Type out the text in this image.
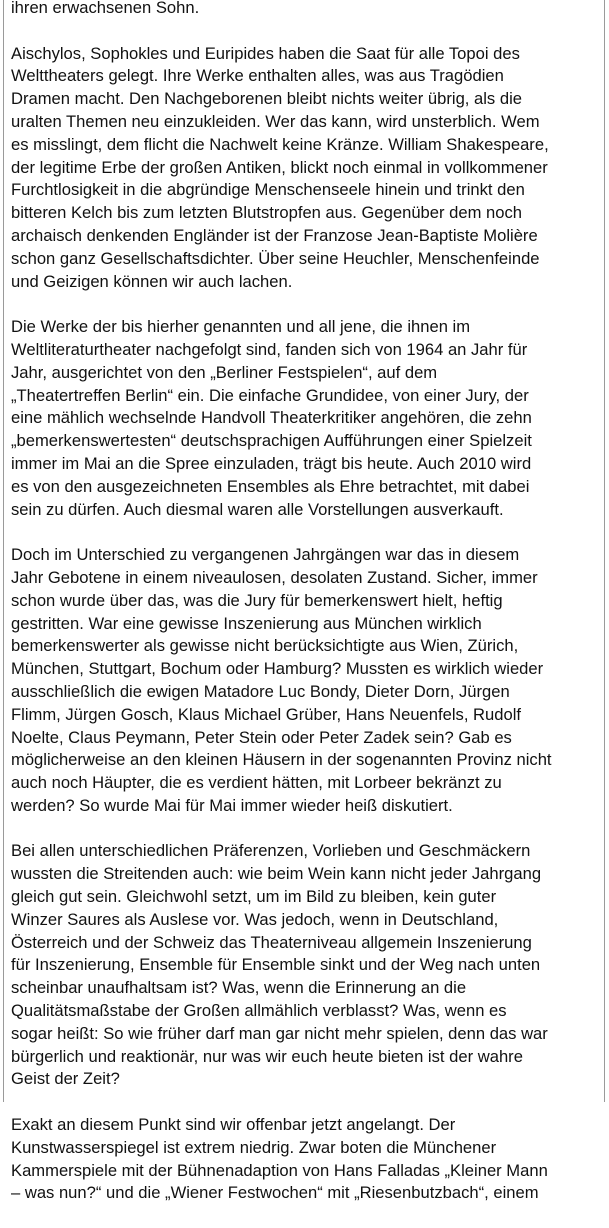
ihren erwachsenen Sohn.

Aischylos, Sophokles und Euripides haben die Saat für alle Topoi des
Welttheaters gelegt. Ihre Werke enthalten alles, was aus Tragödien
Dramen macht. Den Nachgeborenen bleibt nichts weiter übrig, als die
uralten Themen neu einzukleiden. Wer das kann, wird unsterblich. Wem
es misslingt, dem flicht die Nachwelt keine Kränze. William Shakespeare,
der legitime Erbe der großen Antiken, blickt noch einmal in vollkommener
Furchtlosigkeit in die abgründige Menschenseele hinein und trinkt den
bitteren Kelch bis zum letzten Blutstropfen aus. Gegenüber dem noch
archaisch denkenden Engländer ist der Franzose Jean-Baptiste Molière
schon ganz Gesellschaftsdichter. Über seine Heuchler, Menschenfeinde
und Geizigen können wir auch lachen.

Die Werke der bis hierher genannten und all jene, die ihnen im
Weltliteraturtheater nachgefolgt sind, fanden sich von 1964 an Jahr für
Jahr, ausgerichtet von den „Berliner Festspielen“, auf dem
„Theatertreffen Berlin“ ein. Die einfache Grundidee, von einer Jury, der
eine mählich wechselnde Handvoll Theaterkritiker angehören, die zehn
„bemerkenswertesten“ deutschsprachigen Aufführungen einer Spielzeit
immer im Mai an die Spree einzuladen, trägt bis heute. Auch 2010 wird
es von den ausgezeichneten Ensembles als Ehre betrachtet, mit dabei
sein zu dürfen. Auch diesmal waren alle Vorstellungen ausverkauft.

Doch im Unterschied zu vergangenen Jahrgängen war das in diesem
Jahr Gebotene in einem niveaulosen, desolaten Zustand. Sicher, immer
schon wurde über das, was die Jury für bemerkenswert hielt, heftig
gestritten. War eine gewisse Inszenierung aus München wirklich
bemerkenswerter als gewisse nicht berücksichtigte aus Wien, Zürich,
München, Stuttgart, Bochum oder Hamburg? Mussten es wirklich wieder
ausschließlich die ewigen Matadore Luc Bondy, Dieter Dorn, Jürgen
Flimm, Jürgen Gosch, Klaus Michael Grüber, Hans Neuenfels, Rudolf
Noelte, Claus Peymann, Peter Stein oder Peter Zadek sein? Gab es
möglicherweise an den kleinen Häusern in der sogenannten Provinz nicht
auch noch Häupter, die es verdient hätten, mit Lorbeer bekränzt zu
werden? So wurde Mai für Mai immer wieder heiß diskutiert.

Bei allen unterschiedlichen Präferenzen, Vorlieben und Geschmäckern
wussten die Streitenden auch: wie beim Wein kann nicht jeder Jahrgang
gleich gut sein. Gleichwohl setzt, um im Bild zu bleiben, kein guter
Winzer Saures als Auslese vor. Was jedoch, wenn in Deutschland,
Österreich und der Schweiz das Theaterniveau allgemein Inszenierung
für Inszenierung, Ensemble für Ensemble sinkt und der Weg nach unten
scheinbar unaufhaltsam ist? Was, wenn die Erinnerung an die
Qualitätsmaßstabe der Großen allmählich verblasst? Was, wenn es
sogar heißt: So wie früher darf man gar nicht mehr spielen, denn das war
bürgerlich und reaktionär, nur was wir euch heute bieten ist der wahre
Geist der Zeit?

Exakt an diesem Punkt sind wir offenbar jetzt angelangt. Der
Kunstwasserspiegel ist extrem niedrig. Zwar boten die Münchener
Kammerspiele mit der Bühnenadaption von Hans Falladas „Kleiner Mann
– was nun?“ und die „Wiener Festwochen“ mit „Riesenbutzbach“, einem
